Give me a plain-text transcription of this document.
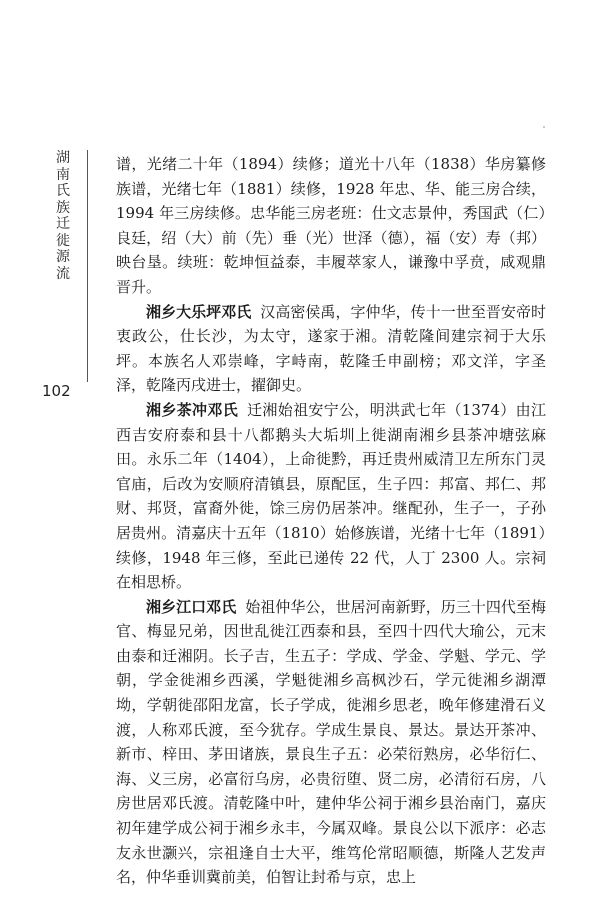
湖南氏族迁徙源流
102

谱，光绪二十年（1894）续修；道光十八年（1838）华房纂修族谱，光绪七年（1881）续修，1928 年忠、华、能三房合续，1994 年三房续修。忠华能三房老班：仕文志景仲，秀国武（仁）良廷，绍（大）前（先）垂（光）世泽（德），福（安）寿（邦）映台垦。续班：乾坤恒益泰，丰履萃家人，谦豫中孚贲，咸观鼎晋升。

湘乡大乐坪邓氏 汉高密侯禹，字仲华，传十一世至晋安帝时衷政公，仕长沙，为太守，遂家于湘。清乾隆间建宗祠于大乐坪。本族名人邓崇峰，字峙南，乾隆壬申副榜；邓文洋，字圣泽，乾隆丙戌进士，擢御史。

湘乡茶冲邓氏 迁湘始祖安宁公，明洪武七年（1374）由江西吉安府泰和县十八都鹅头大垢圳上徙湖南湘乡县茶冲塘弦麻田。永乐二年（1404），上命徙黔，再迁贵州威清卫左所东门灵官庙，后改为安顺府清镇县，原配匡，生子四：邦富、邦仁、邦财、邦贤，富裔外徙，馀三房仍居茶冲。继配孙，生子一，子孙居贵州。清嘉庆十五年（1810）始修族谱，光绪十七年（1891）续修，1948 年三修，至此已递传 22 代，人丁 2300 人。宗祠在相思桥。

湘乡江口邓氏 始祖仲华公，世居河南新野，历三十四代至梅官、梅显兄弟，因世乱徙江西泰和县，至四十四代大瑜公，元末由泰和迁湘阴。长子吉，生五子：学成、学金、学魁、学元、学朝，学金徙湘乡西溪，学魁徙湘乡高枫沙石，学元徙湘乡湖潭坳，学朝徙邵阳龙富，长子学成，徙湘乡思老，晚年修建滑石义渡，人称邓氏渡，至今犹存。学成生景良、景达。景达开茶冲、新市、梓田、茅田诸族，景良生子五：必荣衍熟房，必华衍仁、海、义三房，必富衍乌房，必贵衍堕、贤二房，必清衍石房，八房世居邓氏渡。清乾隆中叶，建仲华公祠于湘乡县治南门，嘉庆初年建学成公祠于湘乡永丰，今属双峰。景良公以下派序：必志友永世灏兴，宗祖逢自士大平，维笃伦常昭顺德，斯隆人艺发声名，仲华垂训冀前美，伯智让封希与京，忠上
